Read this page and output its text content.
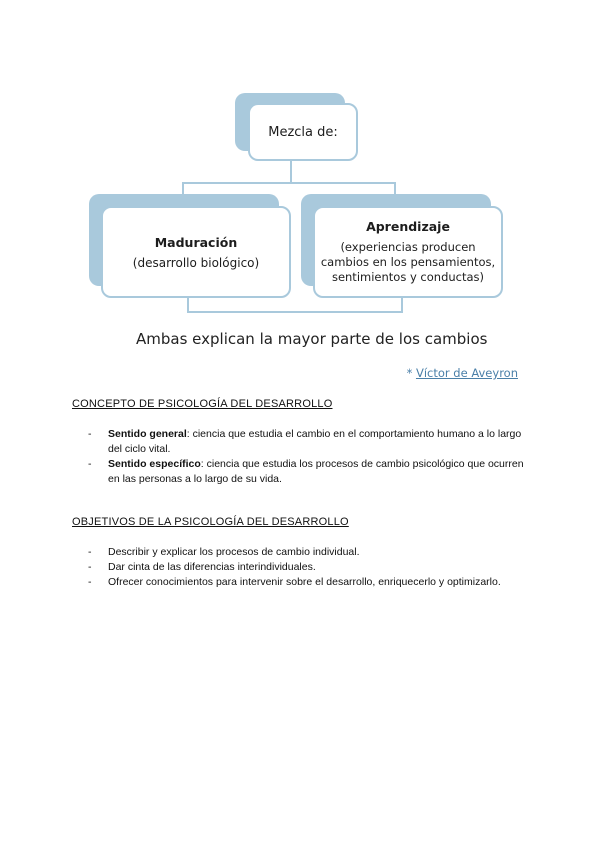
Mezcla de:
Maduración
(desarrollo biológico)
Aprendizaje
(experiencias producen cambios en los pensamientos, sentimientos y conductas)
Ambas explican la mayor parte de los cambios
* Víctor de Aveyron
CONCEPTO DE PSICOLOGÍA DEL DESARROLLO
- Sentido general: ciencia que estudia el cambio en el comportamiento humano a lo largo del ciclo vital.
- Sentido específico: ciencia que estudia los procesos de cambio psicológico que ocurren en las personas a lo largo de su vida.
OBJETIVOS DE LA PSICOLOGÍA DEL DESARROLLO
- Describir y explicar los procesos de cambio individual.
- Dar cinta de las diferencias interindividuales.
- Ofrecer conocimientos para intervenir sobre el desarrollo, enriquecerlo y optimizarlo.
